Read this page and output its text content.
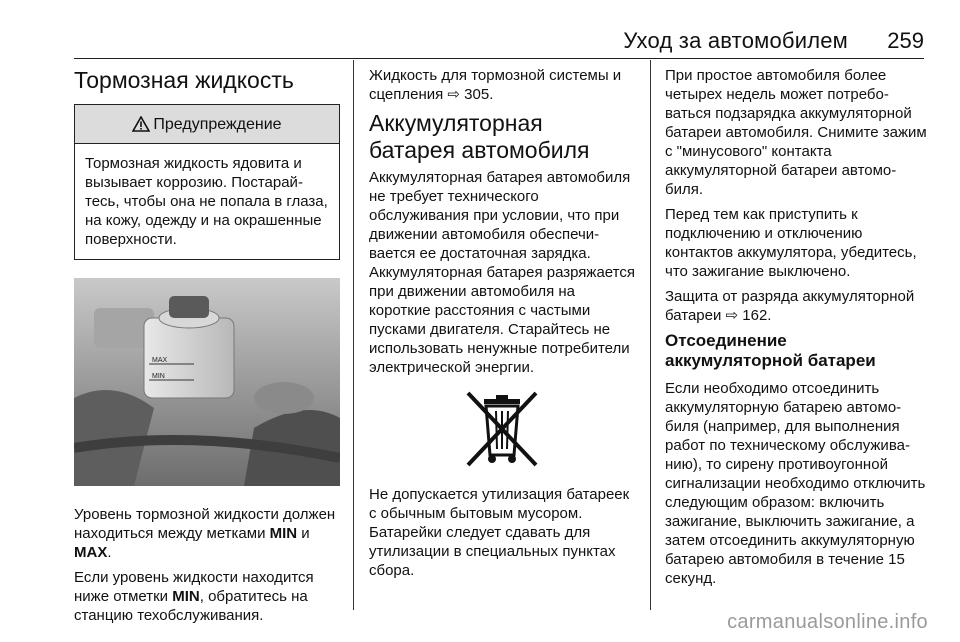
Уход за автомобилем 259
Тормозная жидкость
Предупреждение
Тормозная жидкость ядовита и вызывает коррозию. Постарайтесь, чтобы она не попала в глаза, на кожу, одежду и на окрашенные поверхности.
MAX
MIN

Уровень тормозной жидкости должен находиться между метками MIN и MAX.

Если уровень жидкости находится ниже отметки MIN, обратитесь на станцию техобслуживания.

Жидкость для тормозной системы и сцепления ⇨ 305.

Аккумуляторная батарея автомобиля

Аккумуляторная батарея автомобиля не требует технического обслуживания при условии, что при движении автомобиля обеспечивается ее достаточная зарядка. Аккумуляторная батарея разряжается при движении автомобиля на короткие расстояния с частыми пусками двигателя. Старайтесь не использовать ненужные потребители электрической энергии.

Не допускается утилизация батареек с обычным бытовым мусором. Батарейки следует сдавать для утилизации в специальных пунктах сбора.

При простое автомобиля более четырех недель может потребоваться подзарядка аккумуляторной батареи автомобиля. Снимите зажим с "минусового" контакта аккумуляторной батареи автомобиля.

Перед тем как приступить к подключению и отключению контактов аккумулятора, убедитесь, что зажигание выключено.

Защита от разряда аккумуляторной батареи ⇨ 162.

Отсоединение аккумуляторной батареи

Если необходимо отсоединить аккумуляторную батарею автомобиля (например, для выполнения работ по техническому обслуживанию), то сирену противоугонной сигнализации необходимо отключить следующим образом: включить зажигание, выключить зажигание, а затем отсоединить аккумуляторную батарею автомобиля в течение 15 секунд.

carmanualsonline.info
